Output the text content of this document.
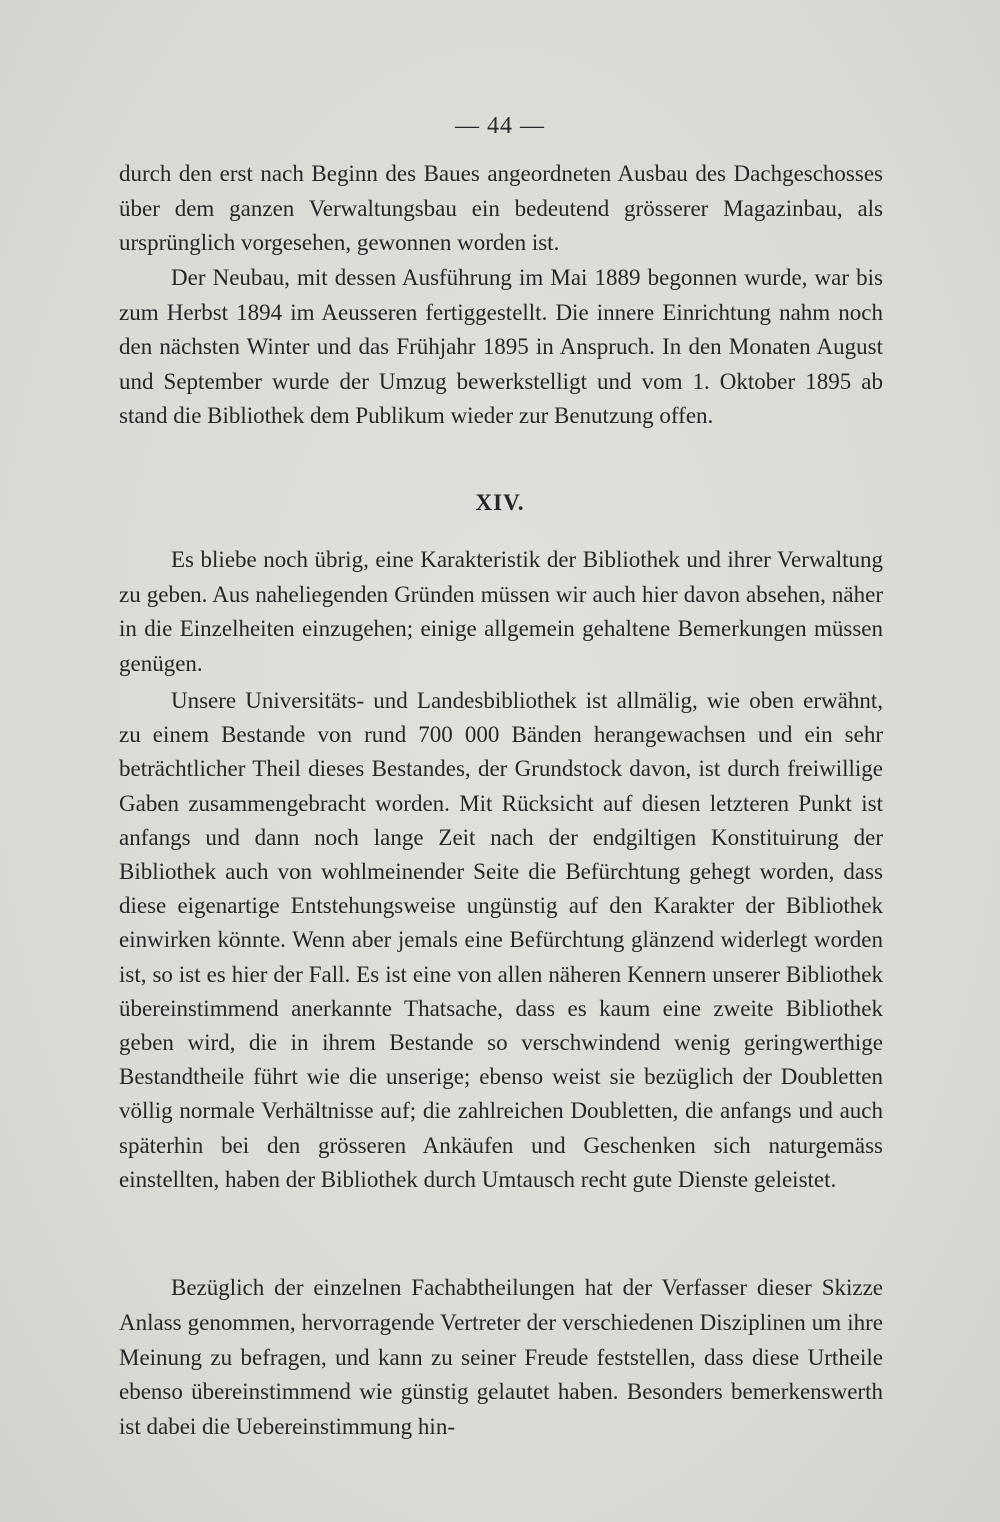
— 44 —

durch den erst nach Beginn des Baues angeordneten Ausbau des Dachgeschosses über dem ganzen Verwaltungsbau ein bedeutend grösserer Magazinbau, als ursprünglich vorgesehen, gewonnen worden ist.

Der Neubau, mit dessen Ausführung im Mai 1889 begonnen wurde, war bis zum Herbst 1894 im Aeusseren fertiggestellt. Die innere Einrichtung nahm noch den nächsten Winter und das Frühjahr 1895 in Anspruch. In den Monaten August und September wurde der Umzug bewerkstelligt und vom 1. Oktober 1895 ab stand die Bibliothek dem Publikum wieder zur Benutzung offen.

XIV.

Es bliebe noch übrig, eine Karakteristik der Bibliothek und ihrer Verwaltung zu geben. Aus naheliegenden Gründen müssen wir auch hier davon absehen, näher in die Einzelheiten einzugehen; einige allgemein gehaltene Bemerkungen müssen genügen.

Unsere Universitäts- und Landesbibliothek ist allmälig, wie oben erwähnt, zu einem Bestande von rund 700 000 Bänden herangewachsen und ein sehr beträchtlicher Theil dieses Bestandes, der Grundstock davon, ist durch freiwillige Gaben zusammengebracht worden. Mit Rücksicht auf diesen letzteren Punkt ist anfangs und dann noch lange Zeit nach der endgiltigen Konstituirung der Bibliothek auch von wohlmeinender Seite die Befürchtung gehegt worden, dass diese eigenartige Entstehungsweise ungünstig auf den Karakter der Bibliothek einwirken könnte. Wenn aber jemals eine Befürchtung glänzend widerlegt worden ist, so ist es hier der Fall. Es ist eine von allen näheren Kennern unserer Bibliothek übereinstimmend anerkannte Thatsache, dass es kaum eine zweite Bibliothek geben wird, die in ihrem Bestande so verschwindend wenig geringwerthige Bestandtheile führt wie die unserige; ebenso weist sie bezüglich der Doubletten völlig normale Verhältnisse auf; die zahlreichen Doubletten, die anfangs und auch späterhin bei den grösseren Ankäufen und Geschenken sich naturgemäss einstellten, haben der Bibliothek durch Umtausch recht gute Dienste geleistet.

Bezüglich der einzelnen Fachabtheilungen hat der Verfasser dieser Skizze Anlass genommen, hervorragende Vertreter der verschiedenen Disziplinen um ihre Meinung zu befragen, und kann zu seiner Freude feststellen, dass diese Urtheile ebenso übereinstimmend wie günstig gelautet haben. Besonders bemerkenswerth ist dabei die Uebereinstimmung hin-
